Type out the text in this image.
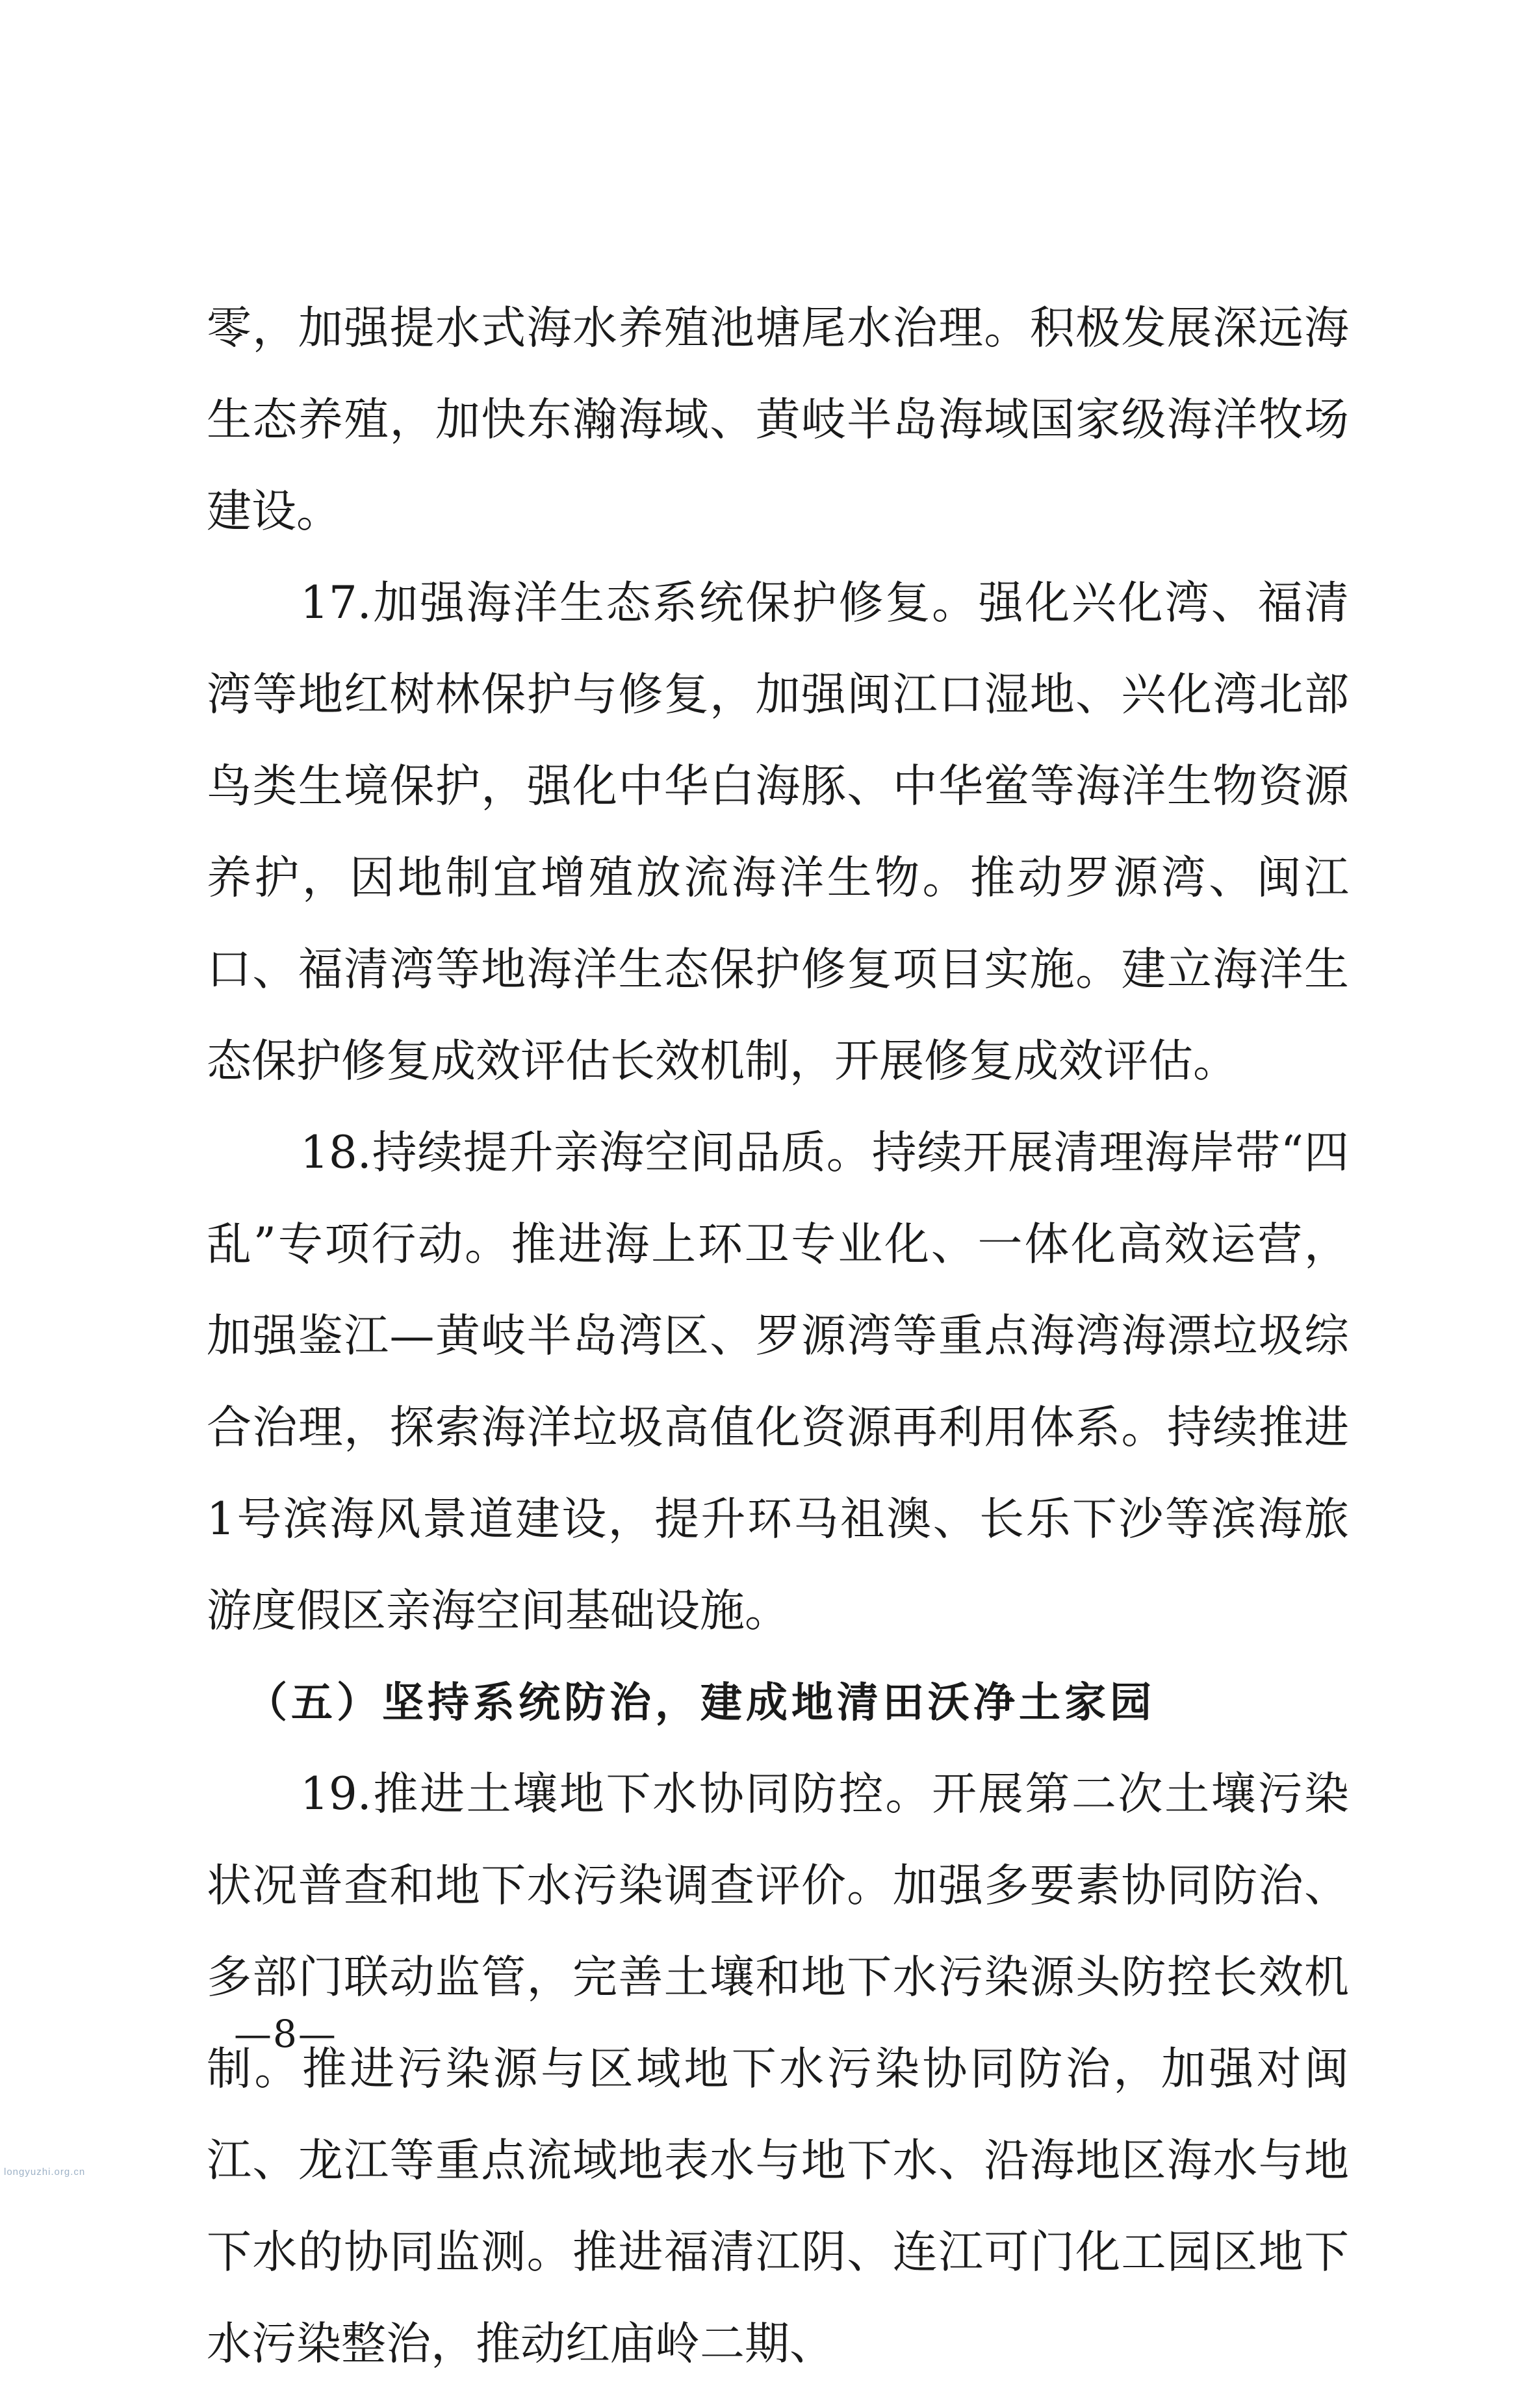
零，加强提水式海水养殖池塘尾水治理。积极发展深远海生态养殖，加快东瀚海域、黄岐半岛海域国家级海洋牧场建设。

17.加强海洋生态系统保护修复。强化兴化湾、福清湾等地红树林保护与修复，加强闽江口湿地、兴化湾北部鸟类生境保护，强化中华白海豚、中华鲎等海洋生物资源养护，因地制宜增殖放流海洋生物。推动罗源湾、闽江口、福清湾等地海洋生态保护修复项目实施。建立海洋生态保护修复成效评估长效机制，开展修复成效评估。

18.持续提升亲海空间品质。持续开展清理海岸带“四乱”专项行动。推进海上环卫专业化、一体化高效运营，加强鉴江—黄岐半岛湾区、罗源湾等重点海湾海漂垃圾综合治理，探索海洋垃圾高值化资源再利用体系。持续推进1号滨海风景道建设，提升环马祖澳、长乐下沙等滨海旅游度假区亲海空间基础设施。

（五）坚持系统防治，建成地清田沃净土家园

19.推进土壤地下水协同防控。开展第二次土壤污染状况普查和地下水污染调查评价。加强多要素协同防治、多部门联动监管，完善土壤和地下水污染源头防控长效机制。推进污染源与区域地下水污染协同防治，加强对闽江、龙江等重点流域地表水与地下水、沿海地区海水与地下水的协同监测。推进福清江阴、连江可门化工园区地下水污染整治，推动红庙岭二期、

—8—
longyuzhi.org.cn
